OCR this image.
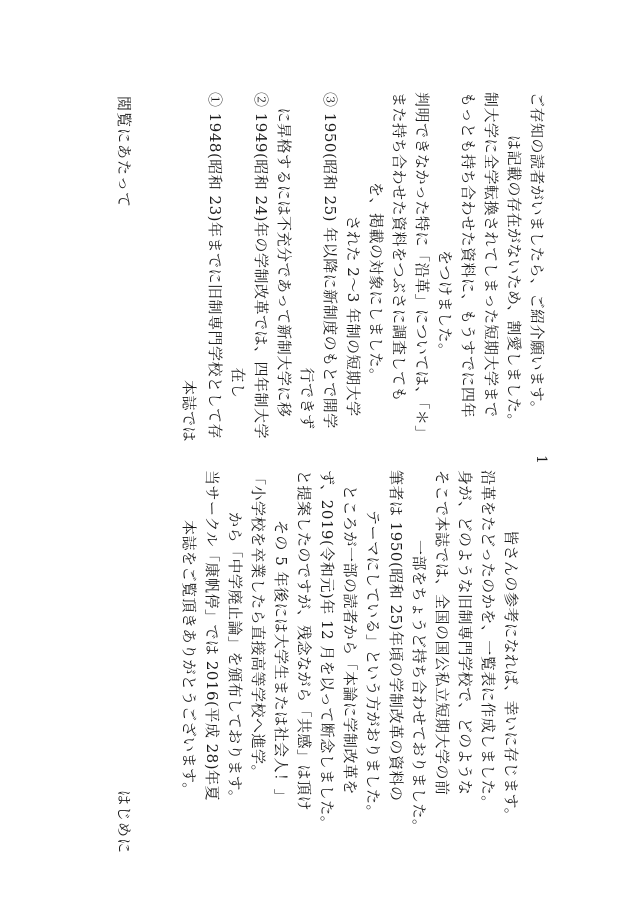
閲覧にあたって
本誌では ① 1948(昭和 23)年までに旧制専門学校として存 　在し ② 1949(昭和 24)年の学制改革では、四年制大学 　に昇格するには不充分であって新制大学に移 　行できず ③ 1950(昭和 25) 年以降に新制度のもとで開学 　された 2～3 年制の短期大学 を、掲載の対象にしました。 また持ち合わせた資料をつぶさに調査しても 判明できなかった特に「沿革」については、「＊」 をつけました。 もっとも持ち合わせた資料に、もうすでに四年 制大学に全学転換されてしまった短期大学まで は記載の存在がないため、割愛しました。 ご存知の読者がいましたら、ご紹介願います。
1
はじめに
本誌をご覧頂きありがとうございます。 当サークル「康帆停」では 2016(平成 28)年夏 から「中学廃止論」を頒布しております。 「小学校を卒業したら直接高等学校へ進学。 その 5 年後には大学生または社会人！」 と提案したのですが、残念ながら「共感」は頂け ず、2019(令和元)年 12 月を以って断念しました。 ところが一部の読者から「本論に学制改革を テーマにしている」という方がおりました。 筆者は 1950(昭和 25)年頃の学制改革の資料の 一部をちょうど持ち合わせておりました。 そこで本誌では、全国の国公私立短期大学の前 身が、どのような旧制専門学校で、どのような 沿革をたどったのかを、一覧表に作成しました。 皆さんの参考になれば、幸いに存じます。
